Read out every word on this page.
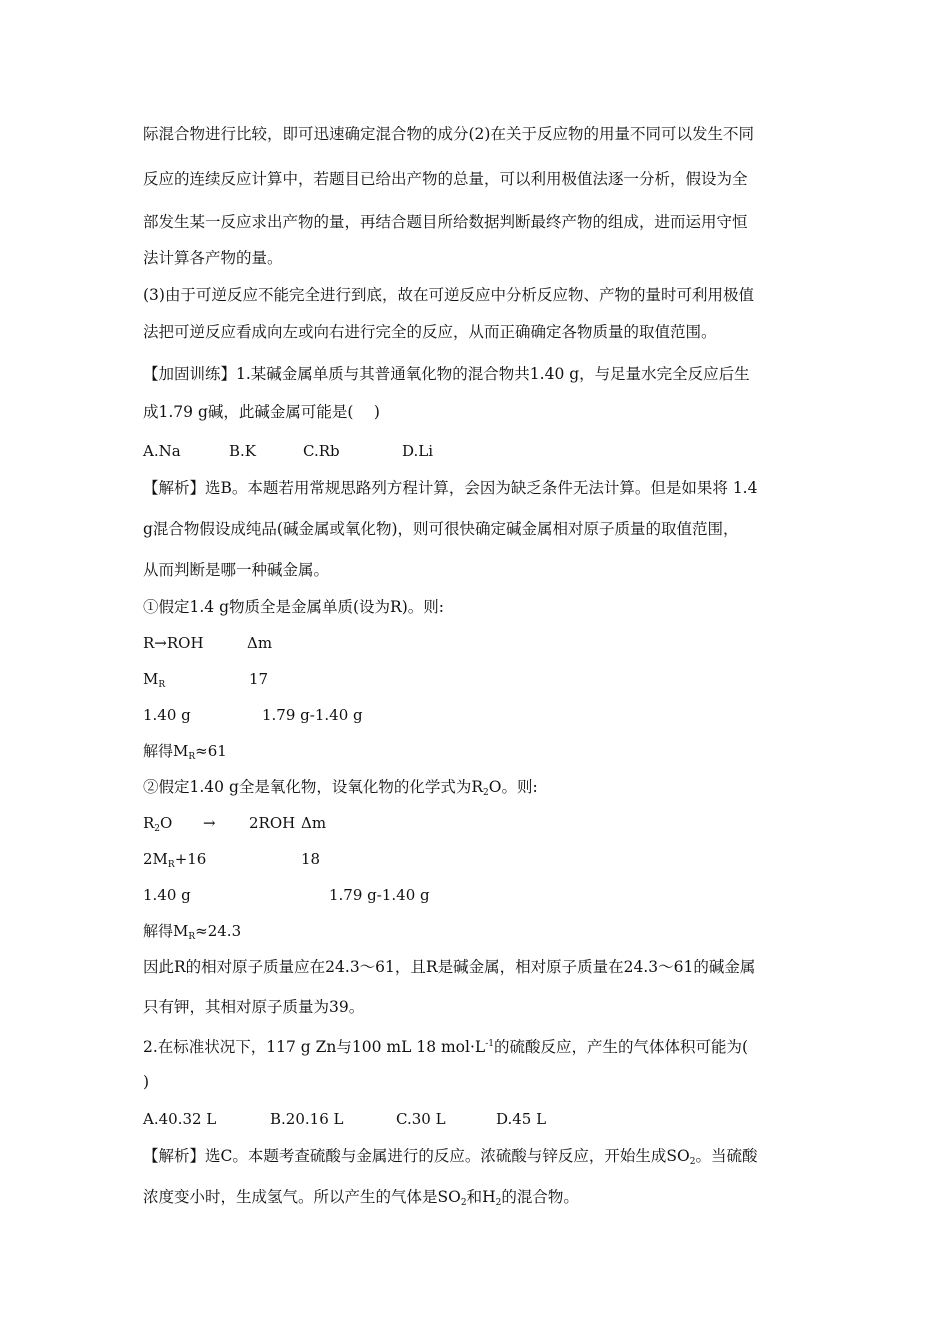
际混合物进行比较，即可迅速确定混合物的成分(2)在关于反应物的用量不同可以发生不同
反应的连续反应计算中，若题目已给出产物的总量，可以利用极值法逐一分析，假设为全
部发生某一反应求出产物的量，再结合题目所给数据判断最终产物的组成，进而运用守恒
法计算各产物的量。
(3)由于可逆反应不能完全进行到底，故在可逆反应中分析反应物、产物的量时可利用极值
法把可逆反应看成向左或向右进行完全的反应，从而正确确定各物质量的取值范围。
【加固训练】1.某碱金属单质与其普通氧化物的混合物共1.40 g，与足量水完全反应后生
成1.79 g碱，此碱金属可能是(　 )
A.Na	B.K	C.Rb	D.Li
【解析】选B。本题若用常规思路列方程计算，会因为缺乏条件无法计算。但是如果将 1.4
g混合物假设成纯品(碱金属或氧化物)，则可很快确定碱金属相对原子质量的取值范围，
从而判断是哪一种碱金属。
①假定1.4 g物质全是金属单质(设为R)。则:
R→ROH	Δm
$M_R$	17
1.40 g	1.79 g-1.40 g
解得$M_R\approx 61$
②假定1.40 g全是氧化物，设氧化物的化学式为$R_2O$。则:
$R_2O \to 2ROH$ Δm
$2M_R+16$	18
1.40 g	1.79 g-1.40 g
解得$M_R\approx 24.3$
因此R的相对原子质量应在24.3～61，且R是碱金属，相对原子质量在24.3～61的碱金属
只有钾，其相对原子质量为39。
2.在标准状况下，117 g Zn与100 mL 18 $mol\cdot L^{-1}$的硫酸反应，产生的气体体积可能为(
)
A.40.32 L	B.20.16 L	C.30 L	D.45 L
【解析】选C。本题考查硫酸与金属进行的反应。浓硫酸与锌反应，开始生成$SO_2$。当硫酸
浓度变小时，生成氢气。所以产生的气体是$SO_2$和$H_2$的混合物。
